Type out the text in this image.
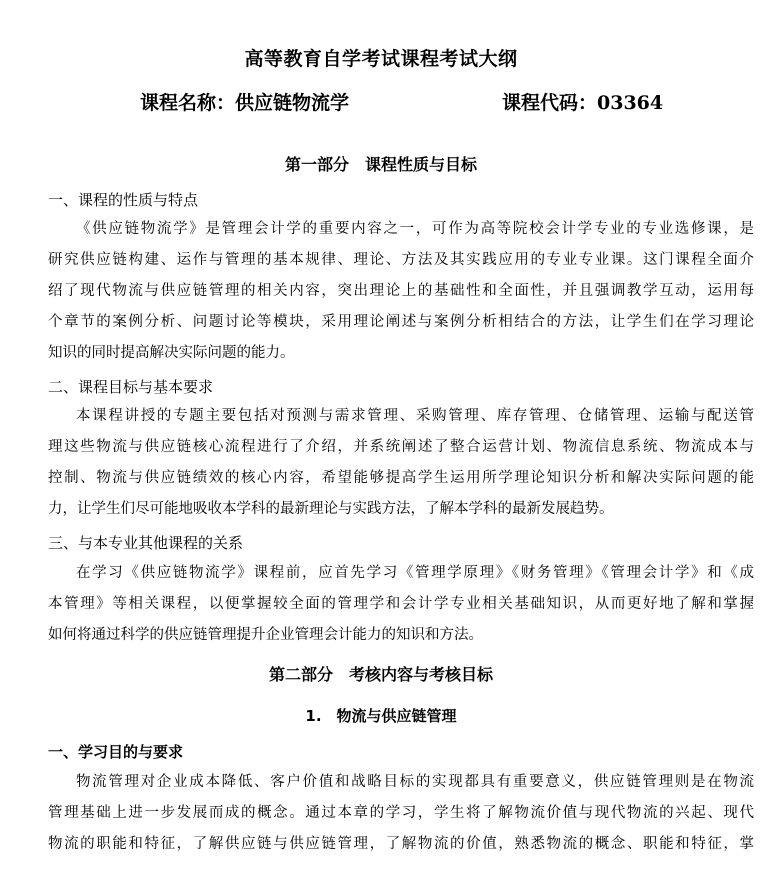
高等教育自学考试课程考试大纲
课程名称：供应链物流学	课程代码：03364
第一部分　课程性质与目标
一、课程的性质与特点
《供应链物流学》是管理会计学的重要内容之一，可作为高等院校会计学专业的专业选修课，是
研究供应链构建、运作与管理的基本规律、理论、方法及其实践应用的专业专业课。这门课程全面介
绍了现代物流与供应链管理的相关内容，突出理论上的基础性和全面性，并且强调教学互动，运用每
个章节的案例分析、问题讨论等模块，采用理论阐述与案例分析相结合的方法，让学生们在学习理论
知识的同时提高解决实际问题的能力。
二、课程目标与基本要求
本课程讲授的专题主要包括对预测与需求管理、采购管理、库存管理、仓储管理、运输与配送管
理这些物流与供应链核心流程进行了介绍，并系统阐述了整合运营计划、物流信息系统、物流成本与
控制、物流与供应链绩效的核心内容，希望能够提高学生运用所学理论知识分析和解决实际问题的能
力，让学生们尽可能地吸收本学科的最新理论与实践方法，了解本学科的最新发展趋势。
三、与本专业其他课程的关系
在学习《供应链物流学》课程前，应首先学习《管理学原理》《财务管理》《管理会计学》和《成
本管理》等相关课程，以便掌握较全面的管理学和会计学专业相关基础知识，从而更好地了解和掌握
如何将通过科学的供应链管理提升企业管理会计能力的知识和方法。
第二部分　考核内容与考核目标
1.　物流与供应链管理
一、学习目的与要求
物流管理对企业成本降低、客户价值和战略目标的实现都具有重要意义，供应链管理则是在物流
管理基础上进一步发展而成的概念。通过本章的学习，学生将了解物流价值与现代物流的兴起、现代
物流的职能和特征，了解供应链与供应链管理，了解物流的价值，熟悉物流的概念、职能和特征，掌
